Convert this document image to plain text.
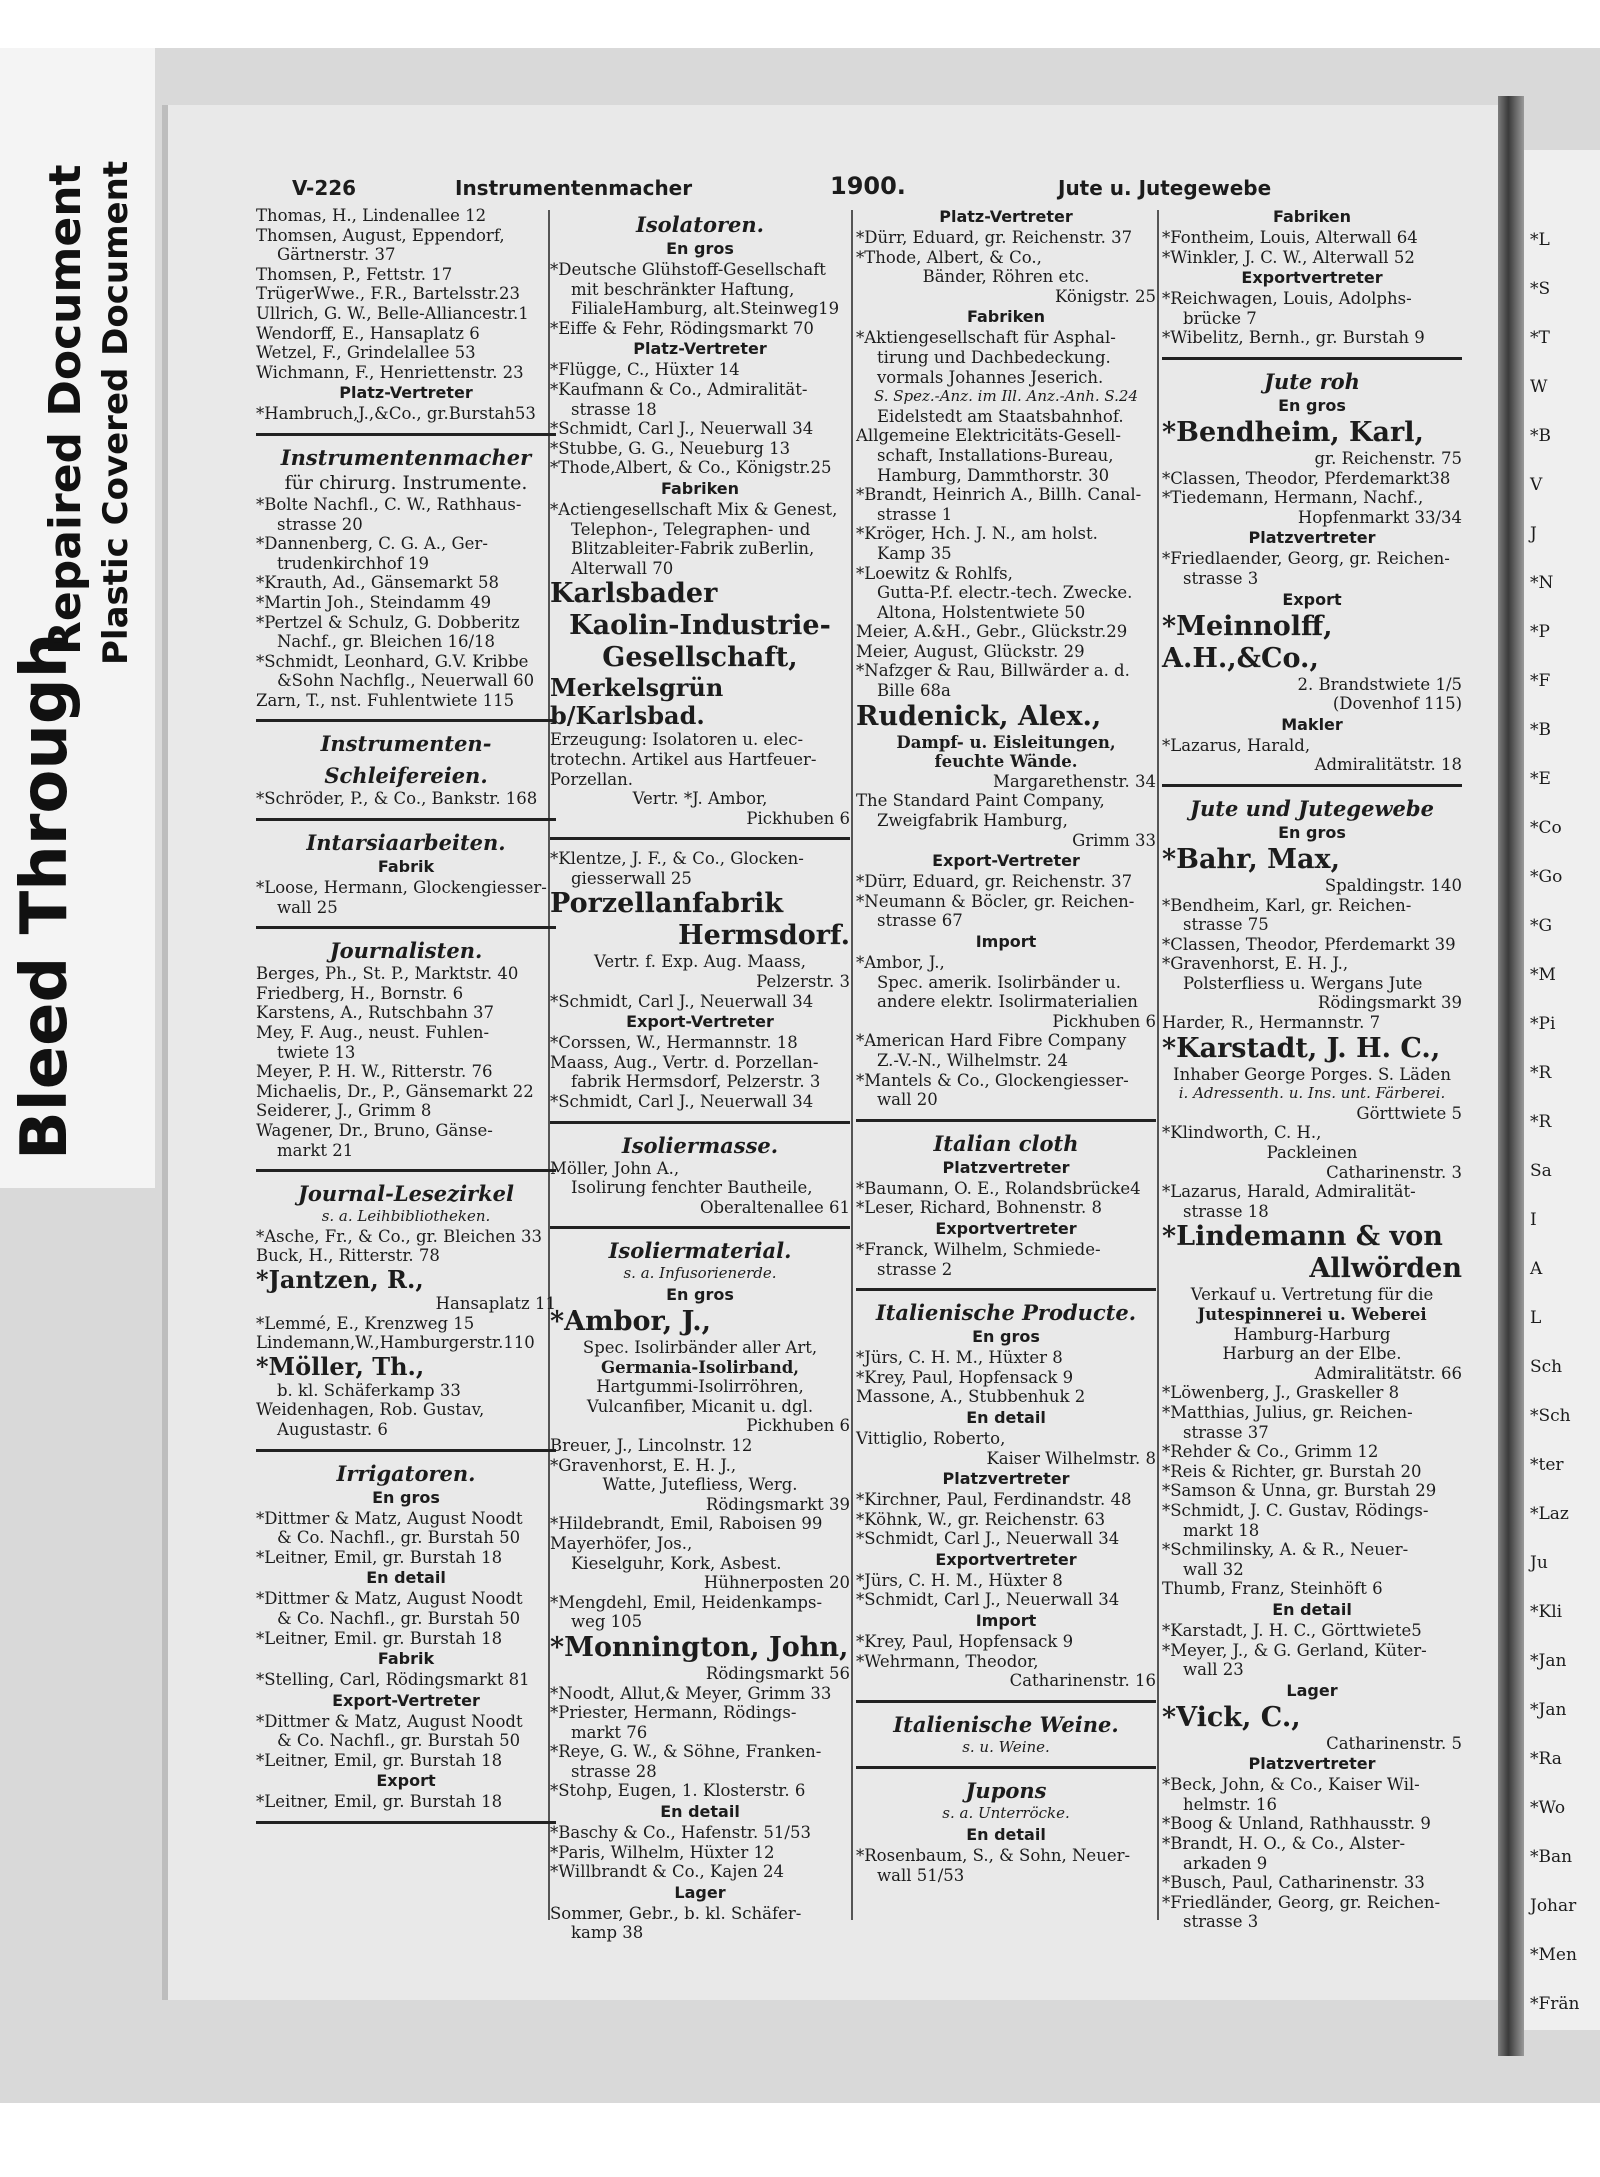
Bleed Through
Repaired Document Plastic Covered Document	*L
*S
*T
W
*B
V
J
*N
*P
*F
*B
*E
*Co
*Go
*G
*M
*Pi
*R
*R
Sa
I
A
L
Sch
*Sch
*ter
*Laz
Ju
*Kli
*Jan
*Jan
*Ra
*Wo
*Ban
Johar
*Men
*Frän
V-226	Instrumentenmacher	1900.	Jute u. Jutegewebe
Thomas, H., Lindenallee 12
Thomsen, August, Eppendorf,
Gärtnerstr. 37
Thomsen, P., Fettstr. 17
TrügerWwe., F.R., Bartelsstr.23
Ullrich, G. W., Belle-Alliancestr.1
Wendorff, E., Hansaplatz 6
Wetzel, F., Grindelallee 53
Wichmann, F., Henriettenstr. 23
Platz-Vertreter
*Hambruch,J.,&Co., gr.Burstah53
Instrumentenmacher
für chirurg. Instrumente.
*Bolte Nachfl., C. W., Rathhaus-
strasse 20
*Dannenberg, C. G. A., Ger-
trudenkirchhof 19
*Krauth, Ad., Gänsemarkt 58
*Martin Joh., Steindamm 49
*Pertzel & Schulz, G. Dobberitz
Nachf., gr. Bleichen 16/18
*Schmidt, Leonhard, G.V. Kribbe
&Sohn Nachflg., Neuerwall 60
Zarn, T., nst. Fuhlentwiete 115
Instrumenten-
Schleifereien.
*Schröder, P., & Co., Bankstr. 168
Intarsiaarbeiten.
Fabrik
*Loose, Hermann, Glockengiesser-
wall 25
Journalisten.
Berges, Ph., St. P., Marktstr. 40
Friedberg, H., Bornstr. 6
Karstens, A., Rutschbahn 37
Mey, F. Aug., neust. Fuhlen-
twiete 13
Meyer, P. H. W., Ritterstr. 76
Michaelis, Dr., P., Gänsemarkt 22
Seiderer, J., Grimm 8
Wagener, Dr., Bruno, Gänse-
markt 21
Journal-Lesezirkel
s. a. Leihbibliotheken.
*Asche, Fr., & Co., gr. Bleichen 33
Buck, H., Ritterstr. 78
*Jantzen, R.,
Hansaplatz 11
*Lemmé, E., Krenzweg 15
Lindemann,W.,Hamburgerstr.110
*Möller, Th.,
b. kl. Schäferkamp 33
Weidenhagen, Rob. Gustav,
Augustastr. 6
Irrigatoren.
En gros
*Dittmer & Matz, August Noodt
& Co. Nachfl., gr. Burstah 50
*Leitner, Emil, gr. Burstah 18
En detail
*Dittmer & Matz, August Noodt
& Co. Nachfl., gr. Burstah 50
*Leitner, Emil. gr. Burstah 18
Fabrik
*Stelling, Carl, Rödingsmarkt 81
Export-Vertreter
*Dittmer & Matz, August Noodt
& Co. Nachfl., gr. Burstah 50
*Leitner, Emil, gr. Burstah 18
Export
*Leitner, Emil, gr. Burstah 18
Isolatoren.
En gros
*Deutsche Glühstoff-Gesellschaft
mit beschränkter Haftung,
FilialeHamburg, alt.Steinweg19
*Eiffe & Fehr, Rödingsmarkt 70
Platz-Vertreter
*Flügge, C., Hüxter 14
*Kaufmann & Co., Admiralität-
strasse 18
*Schmidt, Carl J., Neuerwall 34
*Stubbe, G. G., Neueburg 13
*Thode,Albert, & Co., Königstr.25
Fabriken
*Actiengesellschaft Mix & Genest,
Telephon-, Telegraphen- und
Blitzableiter-Fabrik zuBerlin,
Alterwall 70
Karlsbader
Kaolin-Industrie-
Gesellschaft,
Merkelsgrün b/Karlsbad.
Erzeugung: Isolatoren u. elec-
trotechn. Artikel aus Hartfeuer-
Porzellan.
Vertr. *J. Ambor,
Pickhuben 6
*Klentze, J. F., & Co., Glocken-
giesserwall 25
Porzellanfabrik
Hermsdorf.
Vertr. f. Exp. Aug. Maass,
Pelzerstr. 3
*Schmidt, Carl J., Neuerwall 34
Export-Vertreter
*Corssen, W., Hermannstr. 18
Maass, Aug., Vertr. d. Porzellan-
fabrik Hermsdorf, Pelzerstr. 3
*Schmidt, Carl J., Neuerwall 34
Isoliermasse.
Möller, John A.,
Isolirung fenchter Bautheile,
Oberaltenallee 61
Isoliermaterial.
s. a. Infusorienerde.
En gros
*Ambor, J.,
Spec. Isolirbänder aller Art,
Germania-Isolirband,
Hartgummi-Isolirröhren,
Vulcanfiber, Micanit u. dgl.
Pickhuben 6
Breuer, J., Lincolnstr. 12
*Gravenhorst, E. H. J.,
Watte, Jutefliess, Werg.
Rödingsmarkt 39
*Hildebrandt, Emil, Raboisen 99
Mayerhöfer, Jos.,
Kieselguhr, Kork, Asbest.
Hühnerposten 20
*Mengdehl, Emil, Heidenkamps-
weg 105
*Monnington, John,
Rödingsmarkt 56
*Noodt, Allut,& Meyer, Grimm 33
*Priester, Hermann, Rödings-
markt 76
*Reye, G. W., & Söhne, Franken-
strasse 28
*Stohp, Eugen, 1. Klosterstr. 6
En detail
*Baschy & Co., Hafenstr. 51/53
*Paris, Wilhelm, Hüxter 12
*Willbrandt & Co., Kajen 24
Lager
Sommer, Gebr., b. kl. Schäfer-
kamp 38
Platz-Vertreter
*Dürr, Eduard, gr. Reichenstr. 37
*Thode, Albert, & Co.,
Bänder, Röhren etc.
Königstr. 25
Fabriken
*Aktiengesellschaft für Asphal-
tirung und Dachbedeckung.
vormals Johannes Jeserich.
S. Spez.-Anz. im Ill. Anz.-Anh. S.24
Eidelstedt am Staatsbahnhof.
Allgemeine Elektricitäts-Gesell-
schaft, Installations-Bureau,
Hamburg, Dammthorstr. 30
*Brandt, Heinrich A., Billh. Canal-
strasse 1
*Kröger, Hch. J. N., am holst.
Kamp 35
*Loewitz & Rohlfs,
Gutta-P.f. electr.-tech. Zwecke.
Altona, Holstentwiete 50
Meier, A.&H., Gebr., Glückstr.29
Meier, August, Glückstr. 29
*Nafzger & Rau, Billwärder a. d.
Bille 68a
Rudenick, Alex.,
Dampf- u. Eisleitungen,
feuchte Wände.
Margarethenstr. 34
The Standard Paint Company,
Zweigfabrik Hamburg,
Grimm 33
Export-Vertreter
*Dürr, Eduard, gr. Reichenstr. 37
*Neumann & Böcler, gr. Reichen-
strasse 67
Import
*Ambor, J.,
Spec. amerik. Isolirbänder u.
andere elektr. Isolirmaterialien
Pickhuben 6
*American Hard Fibre Company
Z.-V.-N., Wilhelmstr. 24
*Mantels & Co., Glockengiesser-
wall 20
Italian cloth
Platzvertreter
*Baumann, O. E., Rolandsbrücke4
*Leser, Richard, Bohnenstr. 8
Exportvertreter
*Franck, Wilhelm, Schmiede-
strasse 2
Italienische Producte.
En gros
*Jürs, C. H. M., Hüxter 8
*Krey, Paul, Hopfensack 9
Massone, A., Stubbenhuk 2
En detail
Vittiglio, Roberto,
Kaiser Wilhelmstr. 8
Platzvertreter
*Kirchner, Paul, Ferdinandstr. 48
*Köhnk, W., gr. Reichenstr. 63
*Schmidt, Carl J., Neuerwall 34
Exportvertreter
*Jürs, C. H. M., Hüxter 8
*Schmidt, Carl J., Neuerwall 34
Import
*Krey, Paul, Hopfensack 9
*Wehrmann, Theodor,
Catharinenstr. 16
Italienische Weine.
s. u. Weine.
Jupons
s. a. Unterröcke.
En detail
*Rosenbaum, S., & Sohn, Neuer-
wall 51/53
Fabriken
*Fontheim, Louis, Alterwall 64
*Winkler, J. C. W., Alterwall 52
Exportvertreter
*Reichwagen, Louis, Adolphs-
brücke 7
*Wibelitz, Bernh., gr. Burstah 9
Jute roh
En gros
*Bendheim, Karl,
gr. Reichenstr. 75
*Classen, Theodor, Pferdemarkt38
*Tiedemann, Hermann, Nachf.,
Hopfenmarkt 33/34
Platzvertreter
*Friedlaender, Georg, gr. Reichen-
strasse 3
Export
*Meinnolff, A.H.,&Co.,
2. Brandstwiete 1/5
(Dovenhof 115)
Makler
*Lazarus, Harald,
Admiralitätstr. 18
Jute und Jutegewebe
En gros
*Bahr, Max,
Spaldingstr. 140
*Bendheim, Karl, gr. Reichen-
strasse 75
*Classen, Theodor, Pferdemarkt 39
*Gravenhorst, E. H. J.,
Polsterfliess u. Wergans Jute
Rödingsmarkt 39
Harder, R., Hermannstr. 7
*Karstadt, J. H. C.,
Inhaber George Porges. S. Läden
i. Adressenth. u. Ins. unt. Färberei.
Görttwiete 5
*Klindworth, C. H.,
Packleinen
Catharinenstr. 3
*Lazarus, Harald, Admiralität-
strasse 18
*Lindemann & von
Allwörden
Verkauf u. Vertretung für die
Jutespinnerei u. Weberei
Hamburg-Harburg
Harburg an der Elbe.
Admiralitätstr. 66
*Löwenberg, J., Graskeller 8
*Matthias, Julius, gr. Reichen-
strasse 37
*Rehder & Co., Grimm 12
*Reis & Richter, gr. Burstah 20
*Samson & Unna, gr. Burstah 29
*Schmidt, J. C. Gustav, Rödings-
markt 18
*Schmilinsky, A. & R., Neuer-
wall 32
Thumb, Franz, Steinhöft 6
En detail
*Karstadt, J. H. C., Görttwiete5
*Meyer, J., & G. Gerland, Küter-
wall 23
Lager
*Vick, C.,
Catharinenstr. 5
Platzvertreter
*Beck, John, & Co., Kaiser Wil-
helmstr. 16
*Boog & Unland, Rathhausstr. 9
*Brandt, H. O., & Co., Alster-
arkaden 9
*Busch, Paul, Catharinenstr. 33
*Friedländer, Georg, gr. Reichen-
strasse 3
